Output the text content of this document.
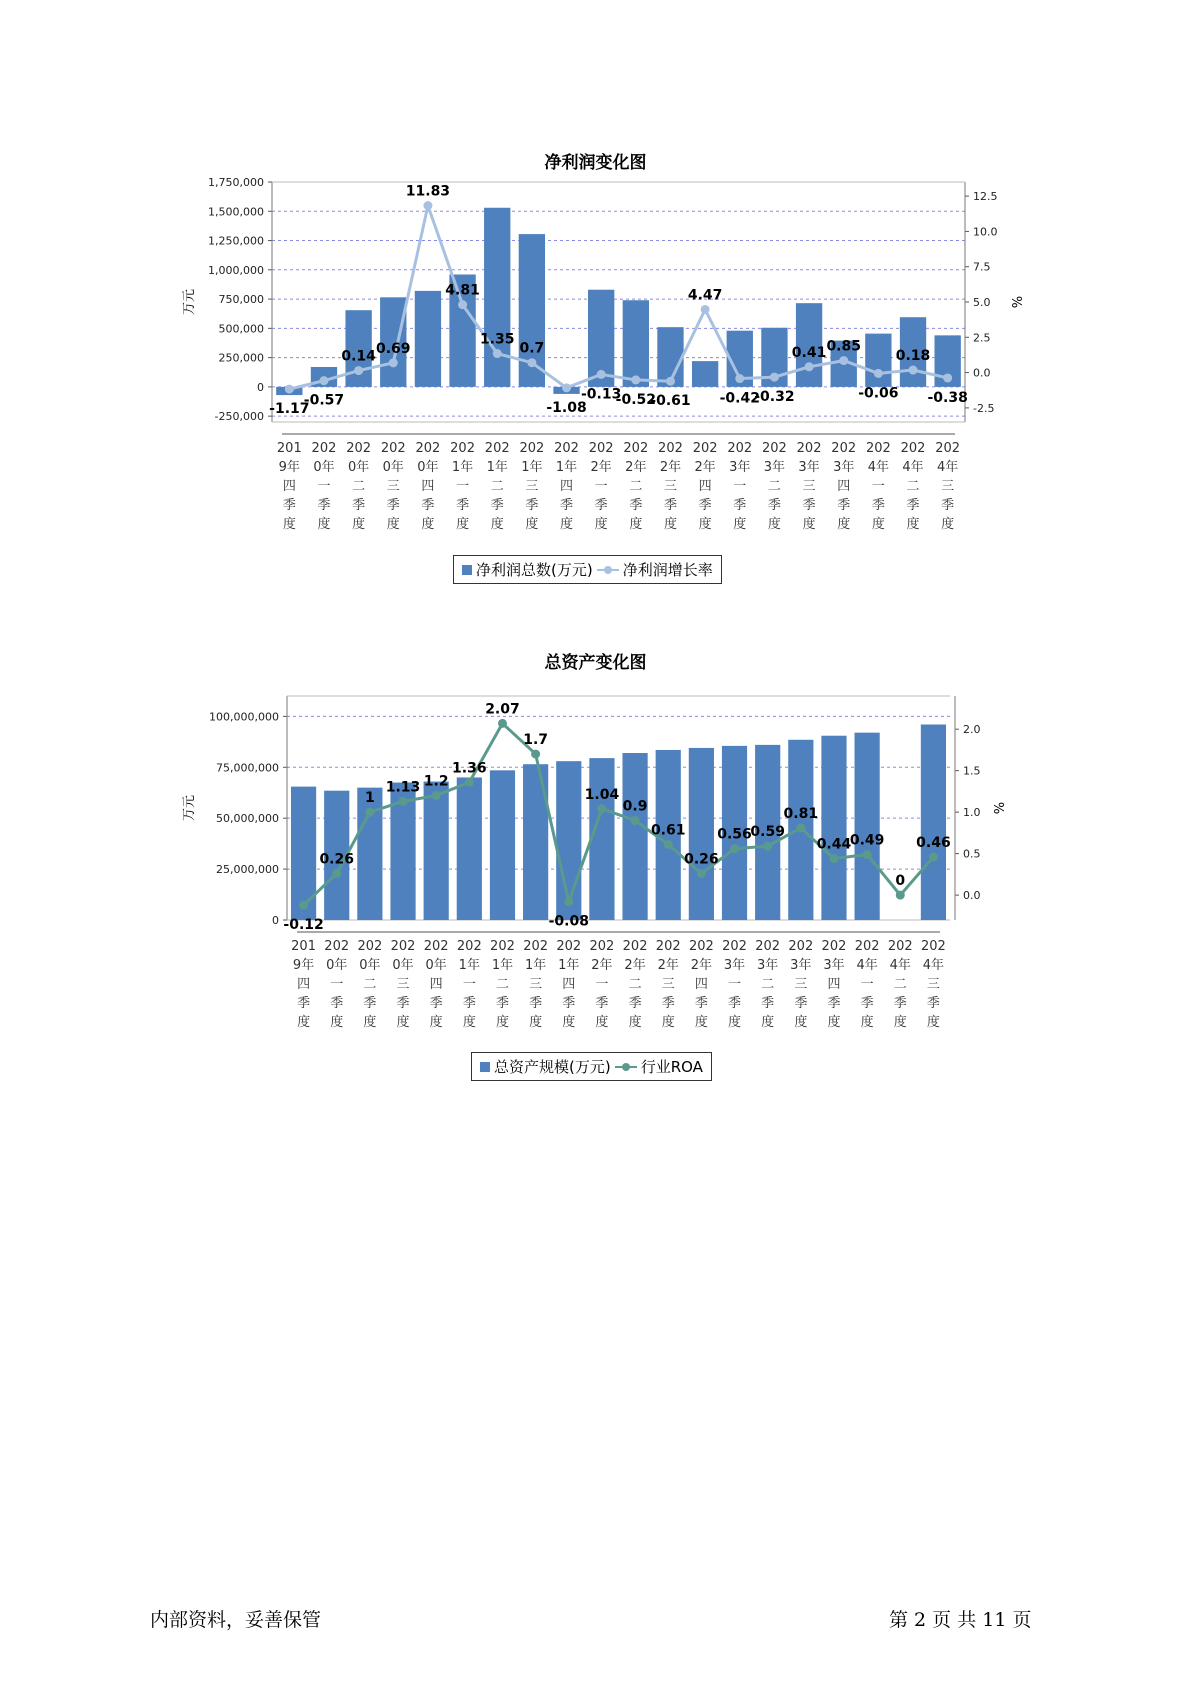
净利润变化图
1,750,000
1,500,000
1,250,000
1,000,000
750,000
500,000
250,000
0
-250,000
12.5
10.0
7.5
5.0
2.5
0.0
-2.5
万元	%
-1.17
-0.57
0.14 0.69
11.83
4.81
1.35
0.7
-1.08
-0.13
-0.52
-0.61
4.47
-0.42
-0.32
0.41 0.85
-0.06
0.18
-0.38
201
9年
四
季
度
202
0年
一
季
度
202
0年
二
季
度
202
0年
三
季
度
202
0年
四
季
度
202
1年
一
季
度
202
1年
二
季
度
202
1年
三
季
度
202
1年
四
季
度
202
2年
一
季
度
202
2年
二
季
度
202
2年
三
季
度
202
2年
四
季
度
202
3年
一
季
度
202
3年
二
季
度
202
3年
三
季
度
202
3年
四
季
度
202
4年
一
季
度
202
4年
二
季
度
202
4年
三
季
度
净利润总数(万元) 净利润增长率
总资产变化图
100,000,000
75,000,000
50,000,000
25,000,000
0
2.0
1.5
1.0
0.5
0.0
万元	%
-0.12
0.26
1
1.13 1.2
1.36
2.07
1.7
-0.08
1.04
0.9
0.61
0.26
0.56
0.59
0.81
0.44
0.49
0
0.46
201
9年
四
季
度
202
0年
一
季
度
202
0年
二
季
度
202
0年
三
季
度
202
0年
四
季
度
202
1年
一
季
度
202
1年
二
季
度
202
1年
三
季
度
202
1年
四
季
度
202
2年
一
季
度
202
2年
二
季
度
202
2年
三
季
度
202
2年
四
季
度
202
3年
一
季
度
202
3年
二
季
度
202
3年
三
季
度
202
3年
四
季
度
202
4年
一
季
度
202
4年
二
季
度
202
4年
三
季
度
总资产规模(万元) 行业ROA
内部资料，妥善保管	第 2 页 共 11 页
